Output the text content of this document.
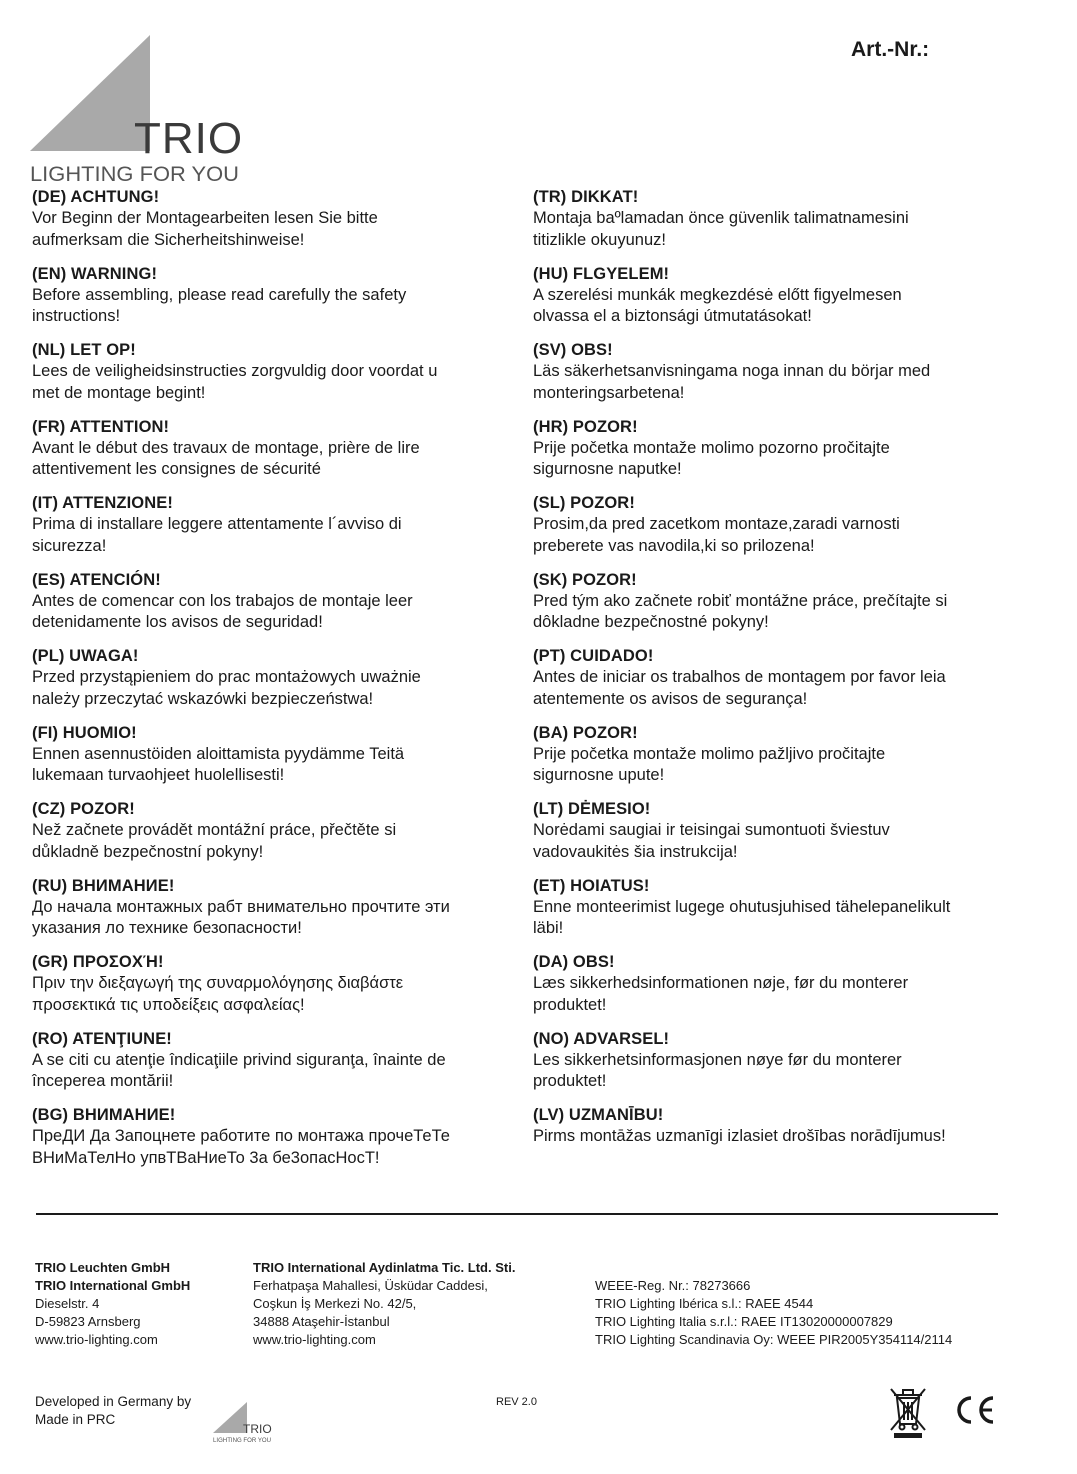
Art.-Nr.:
TRIO
LIGHTING FOR YOU
(DE) ACHTUNG!
Vor Beginn der Montagearbeiten lesen Sie bitte
aufmerksam die Sicherheitshinweise!
(EN) WARNING!
Before assembling, please read carefully the safety
instructions!
(NL) LET OP!
Lees de veiligheidsinstructies zorgvuldig door voordat u
met de montage begint!
(FR) ATTENTION!
Avant le début des travaux de montage, prière de lire
attentivement les consignes de sécurité
(IT) ATTENZIONE!
Prima di installare leggere attentamente l´avviso di
sicurezza!
(ES) ATENCIÓN!
Antes de comencar con los trabajos de montaje leer
detenidamente los avisos de seguridad!
(PL) UWAGA!
Przed przystąpieniem do prac montażowych uważnie
należy przeczytać wskazówki bezpieczeństwa!
(FI) HUOMIO!
Ennen asennustöiden aloittamista pyydämme Teitä
lukemaan turvaohjeet huolellisesti!
(CZ) POZOR!
Než začnete provádět montážní práce, přečtěte si
důkladně bezpečnostní pokyny!
(RU) ВНИМАНИЕ!
До начала монтажных рабт внимательно прочтите эти
указания ло технике безопасности!
(GR) ΠΡΟΣΟΧΉ!
Πριν την διεξαγωγή της συναρμολόγησης διαβάστε
προσεκτικά τις υποδείξεις ασφαλείας!
(RO) ATENŢIUNE!
A se citi cu atenţie îndicaţiile privind siguranţa, înainte de
începerea montării!
(BG) ВНИМАНИЕ!
ПреДИ Да Запоцнете работите по монтажа прочеТеТе
ВНиМаТелНо упвТВаНиеТо 3а бе3опасНосТ!
(TR) DIKKAT!
Montaja baºlamadan önce güvenlik talimatnamesini
titizlikle okuyunuz!
(HU) FLGYELEM!
A szerelési munkák megkezdésė előtt figyelmesen
olvassa el a biztonsági útmutatásokat!
(SV) OBS!
Läs säkerhetsanvisningama noga innan du börjar med
monteringsarbetena!
(HR) POZOR!
Prije početka montaže molimo pozorno pročitajte
sigurnosne naputke!
(SL) POZOR!
Prosim,da pred zacetkom montaze,zaradi varnosti
preberete vas navodila,ki so prilozena!
(SK) POZOR!
Pred tým ako začnete robiť montážne práce, prečítajte si
dôkladne bezpečnostné pokyny!
(PT) CUIDADO!
Antes de iniciar os trabalhos de montagem por favor leia
atentemente os avisos de segurança!
(BA) POZOR!
Prije početka montaže molimo pažljivo pročitajte
sigurnosne upute!
(LT) DĖMESIO!
Norėdami saugiai ir teisingai sumontuoti šviestuv
vadovaukitės šia instrukcija!
(ET) HOIATUS!
Enne monteerimist lugege ohutusjuhised tähelepanelikult
läbi!
(DA) OBS!
Læs sikkerhedsinformationen nøje, før du monterer
produktet!
(NO) ADVARSEL!
Les sikkerhetsinformasjonen nøye før du monterer
produktet!
(LV) UZMANĪBU!
Pirms montāžas uzmanīgi izlasiet drošības norādījumus!
TRIO Leuchten GmbH
TRIO International GmbH
Dieselstr. 4
D-59823 Arnsberg
www.trio-lighting.com
TRIO International Aydinlatma Tic. Ltd. Sti.
Ferhatpaşa Mahallesi, Üsküdar Caddesi,
Coşkun İş Merkezi No. 42/5,
34888 Ataşehir-İstanbul
www.trio-lighting.com
WEEE-Reg. Nr.: 78273666
TRIO Lighting Ibérica s.l.: RAEE 4544
TRIO Lighting Italia s.r.l.: RAEE IT13020000007829
TRIO Lighting Scandinavia Oy: WEEE PIR2005Y354114/2114
Developed in Germany by
Made in PRC
TRIO
LIGHTING FOR YOU
REV 2.0
